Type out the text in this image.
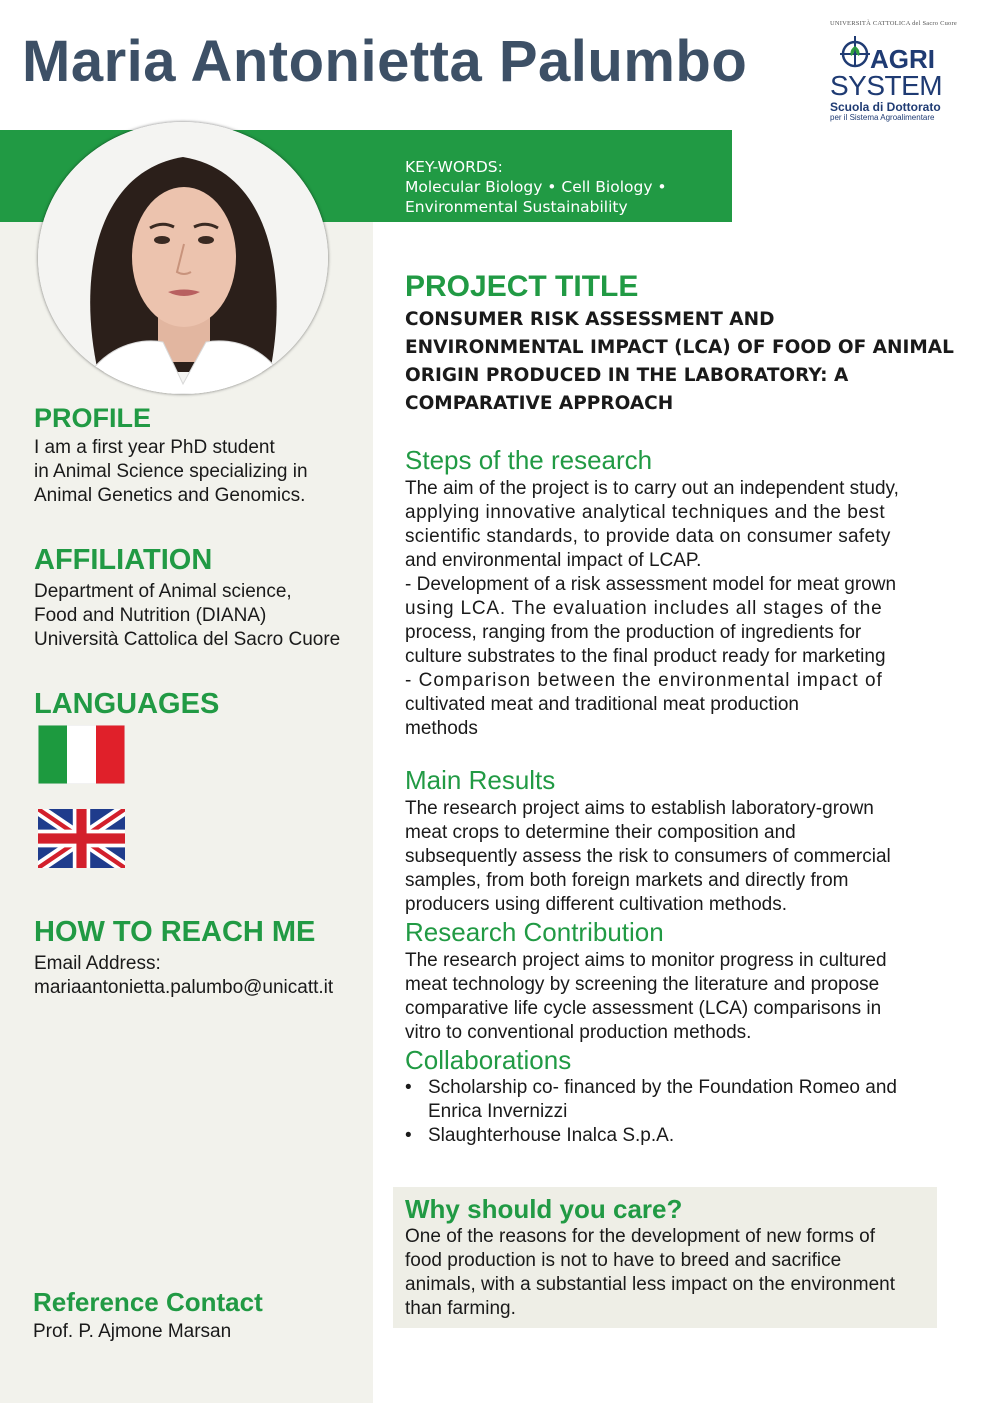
Maria Antonietta Palumbo
UNIVERSITÀ CATTOLICA del Sacro Cuore
AGRI
SYSTEM
Scuola di Dottorato
per il Sistema Agroalimentare
KEY-WORDS:
Molecular Biology • Cell Biology •
Environmental Sustainability
PROFILE
I am a first year PhD student
in Animal Science specializing in
Animal Genetics and Genomics.
AFFILIATION
Department of Animal science,
Food and Nutrition (DIANA)
Università Cattolica del Sacro Cuore
LANGUAGES
HOW TO REACH ME
Email Address:
mariaantonietta.palumbo@unicatt.it
Reference Contact
Prof. P. Ajmone Marsan
PROJECT TITLE
CONSUMER RISK ASSESSMENT AND
ENVIRONMENTAL IMPACT (LCA) OF FOOD OF ANIMAL
ORIGIN PRODUCED IN THE LABORATORY: A
COMPARATIVE APPROACH
Steps of the research
The aim of the project is to carry out an independent study,
applying innovative analytical techniques and the best
scientific standards, to provide data on consumer safety
and environmental impact of LCAP.
- Development of a risk assessment model for meat grown
using LCA. The evaluation includes all stages of the
process, ranging from the production of ingredients for
culture substrates to the final product ready for marketing
- Comparison between the environmental impact of
cultivated meat and traditional meat production
methods
Main Results
The research project aims to establish laboratory-grown
meat crops to determine their composition and
subsequently assess the risk to consumers of commercial
samples, from both foreign markets and directly from
producers using different cultivation methods.
Research Contribution
The research project aims to monitor progress in cultured
meat technology by screening the literature and propose
comparative life cycle assessment (LCA) comparisons in
vitro to conventional production methods.
Collaborations
• Scholarship co- financed by the Foundation Romeo and
Enrica Invernizzi
• Slaughterhouse Inalca S.p.A.
Why should you care?
One of the reasons for the development of new forms of
food production is not to have to breed and sacrifice
animals, with a substantial less impact on the environment
than farming.
